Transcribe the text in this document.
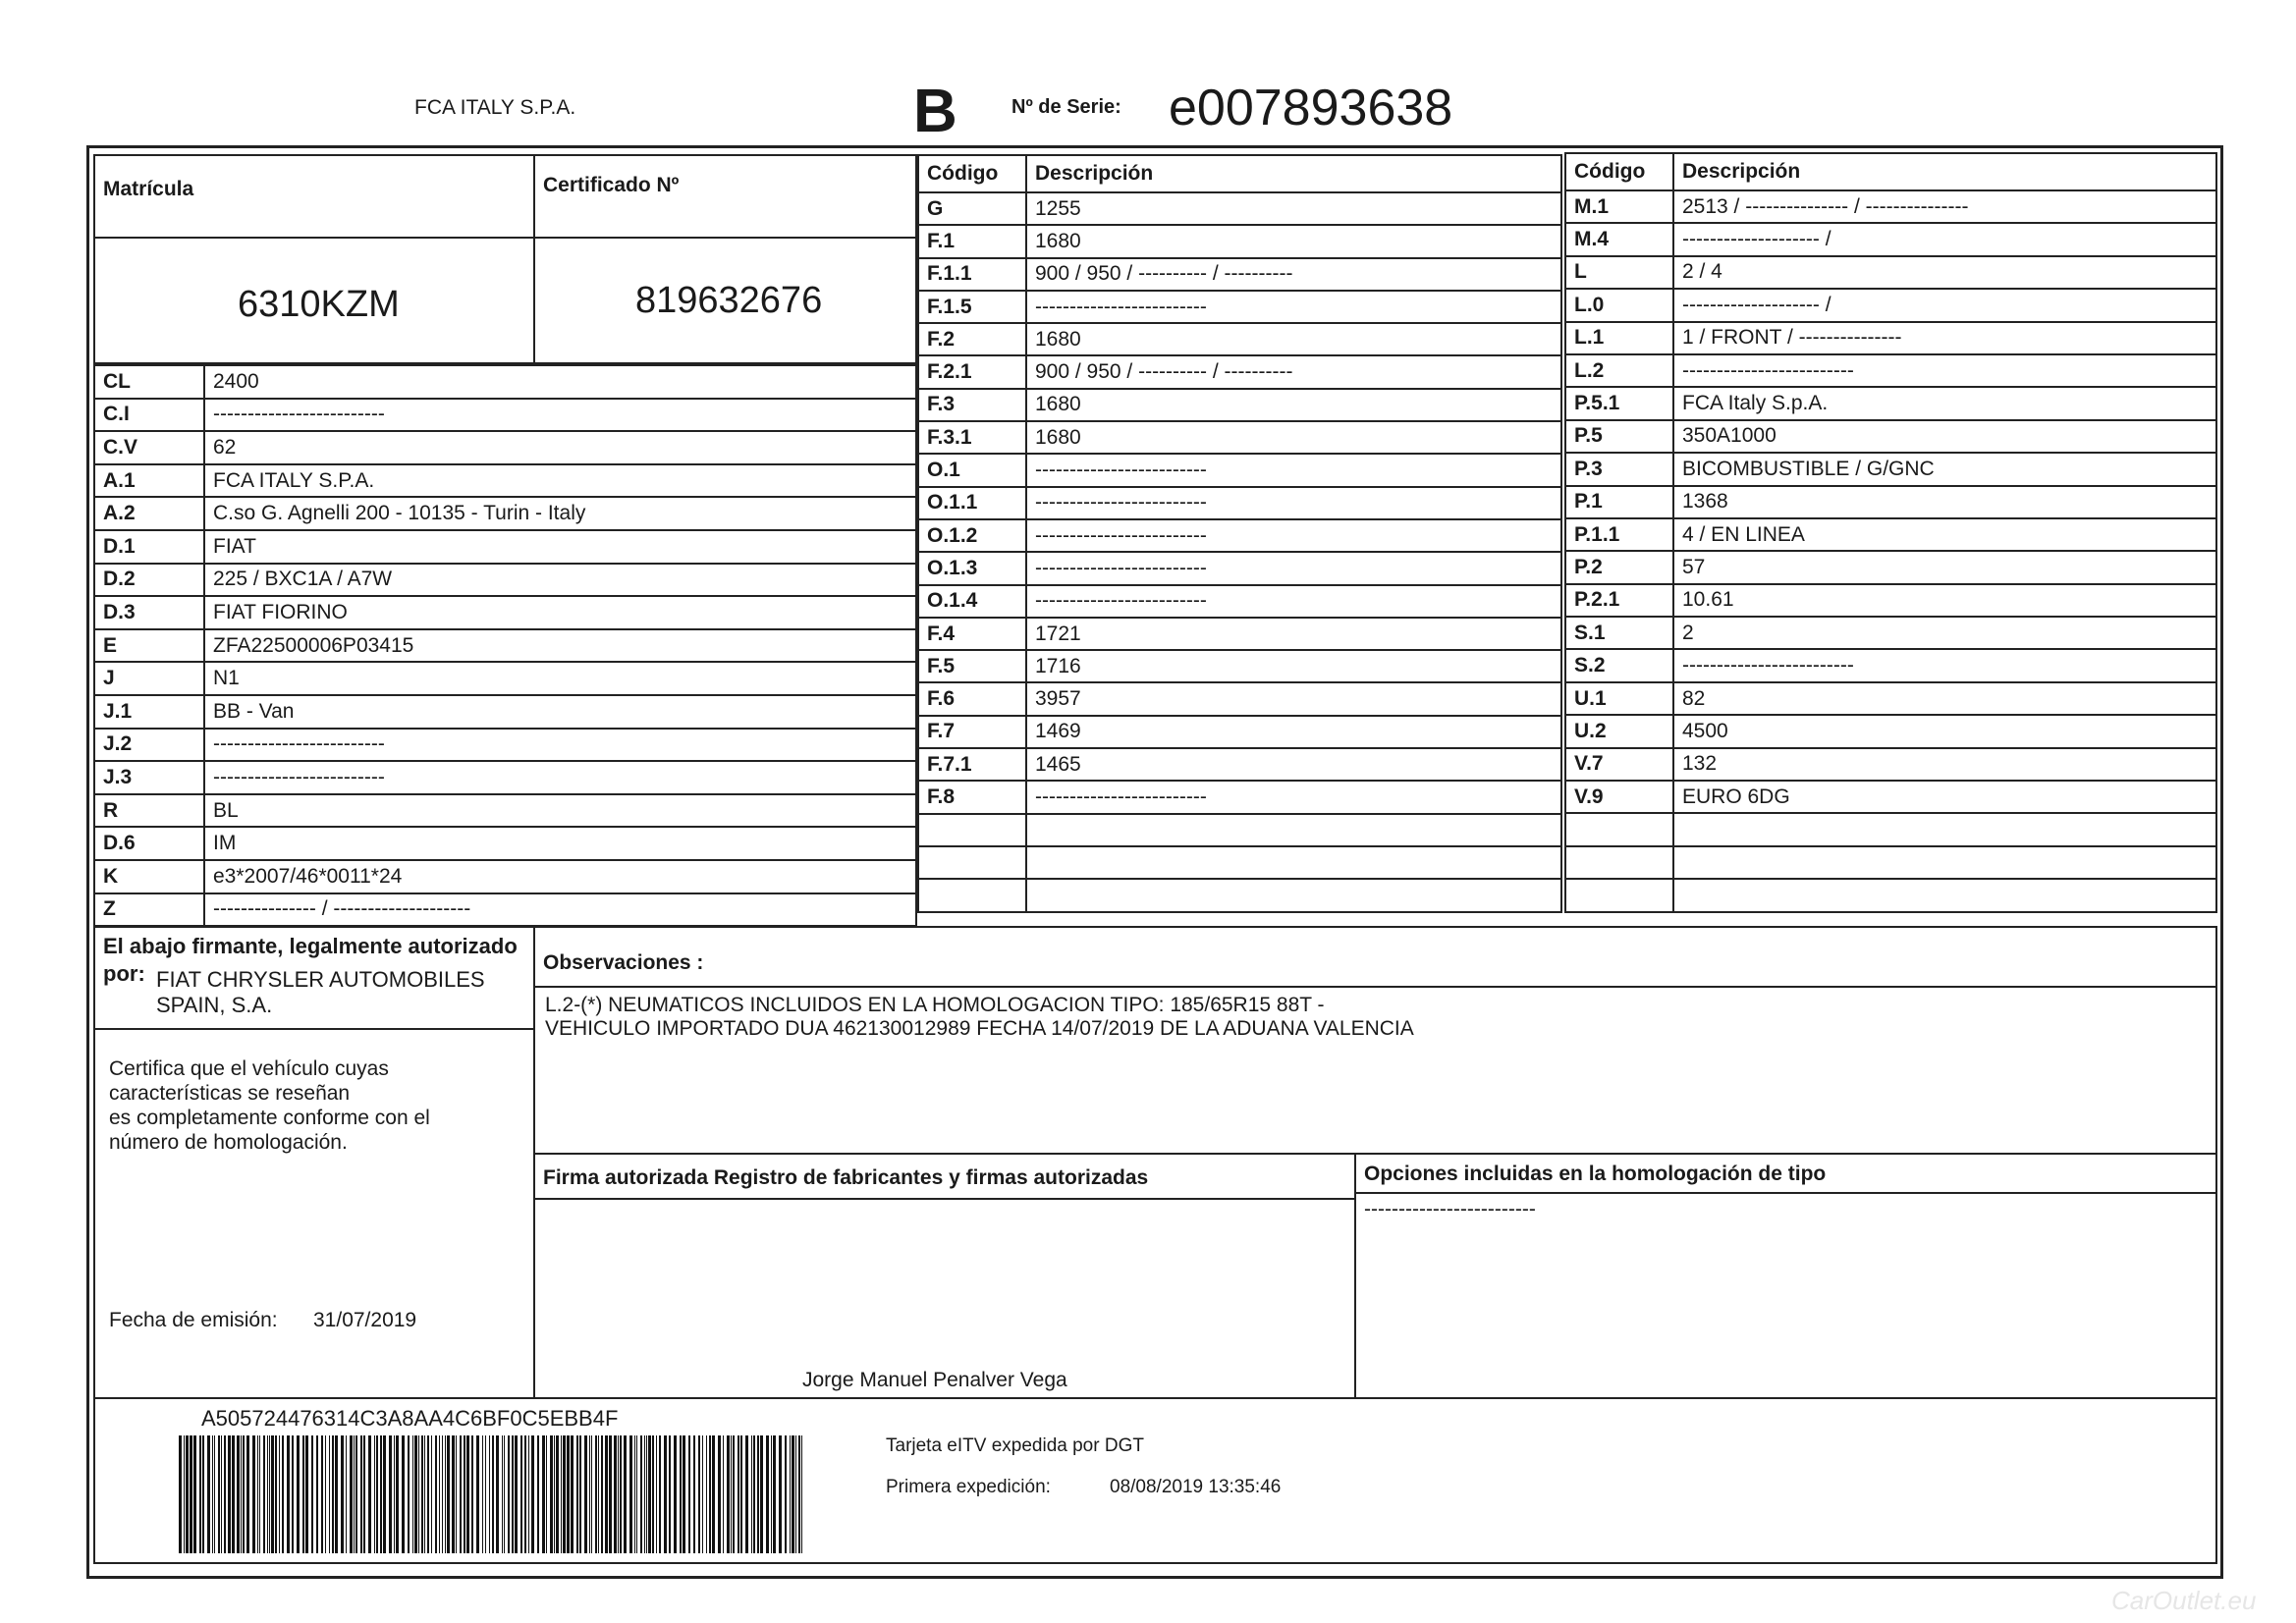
FCA ITALY S.P.A.	B	Nº de Serie: e007893638
Matrícula	Certificado Nº
6310KZM	819632676
CL	2400
C.I	-------------------------
C.V	62
A.1	FCA ITALY S.P.A.
A.2	C.so G. Agnelli 200 - 10135 - Turin - Italy
D.1	FIAT
D.2	225 / BXC1A / A7W
D.3	FIAT FIORINO
E	ZFA22500006P03415
J	N1
J.1	BB - Van
J.2	-------------------------
J.3	-------------------------
R	BL
D.6	IM
K	e3*2007/46*0011*24
Z	--------------- / --------------------
Código	Descripción
G	1255
F.1	1680
F.1.1	900 / 950 / ---------- / ----------
F.1.5	-------------------------
F.2	1680
F.2.1	900 / 950 / ---------- / ----------
F.3	1680
F.3.1	1680
O.1	-------------------------
O.1.1	-------------------------
O.1.2	-------------------------
O.1.3	-------------------------
O.1.4	-------------------------
F.4	1721
F.5	1716
F.6	3957
F.7	1469
F.7.1	1465
F.8	-------------------------

Código	Descripción
M.1	2513 / --------------- / ---------------
M.4	-------------------- /
L	2 / 4
L.0	-------------------- /
L.1	1 / FRONT / ---------------
L.2	-------------------------
P.5.1	FCA Italy S.p.A.
P.5	350A1000
P.3	BICOMBUSTIBLE / G/GNC
P.1	1368
P.1.1	4 / EN LINEA
P.2	57
P.2.1	10.61
S.1	2
S.2	-------------------------
U.1	82
U.2	4500
V.7	132
V.9	EURO 6DG

El abajo firmante, legalmente autorizado
por: FIAT CHRYSLER AUTOMOBILES
SPAIN, S.A.
Certifica que el vehículo cuyas
características se reseñan
es completamente conforme con el
número de homologación.
Fecha de emisión: 31/07/2019
Observaciones :
L.2-(*) NEUMATICOS INCLUIDOS EN LA HOMOLOGACION TIPO: 185/65R15 88T -
VEHICULO IMPORTADO DUA 462130012989 FECHA 14/07/2019 DE LA ADUANA VALENCIA
Firma autorizada Registro de fabricantes y firmas autorizadas
Jorge Manuel Penalver Vega
Opciones incluidas en la homologación de tipo
-------------------------
A505724476314C3A8AA4C6BF0C5EBB4F
Tarjeta eITV expedida por DGT
Primera expedición:	08/08/2019 13:35:46
CarOutlet.eu
